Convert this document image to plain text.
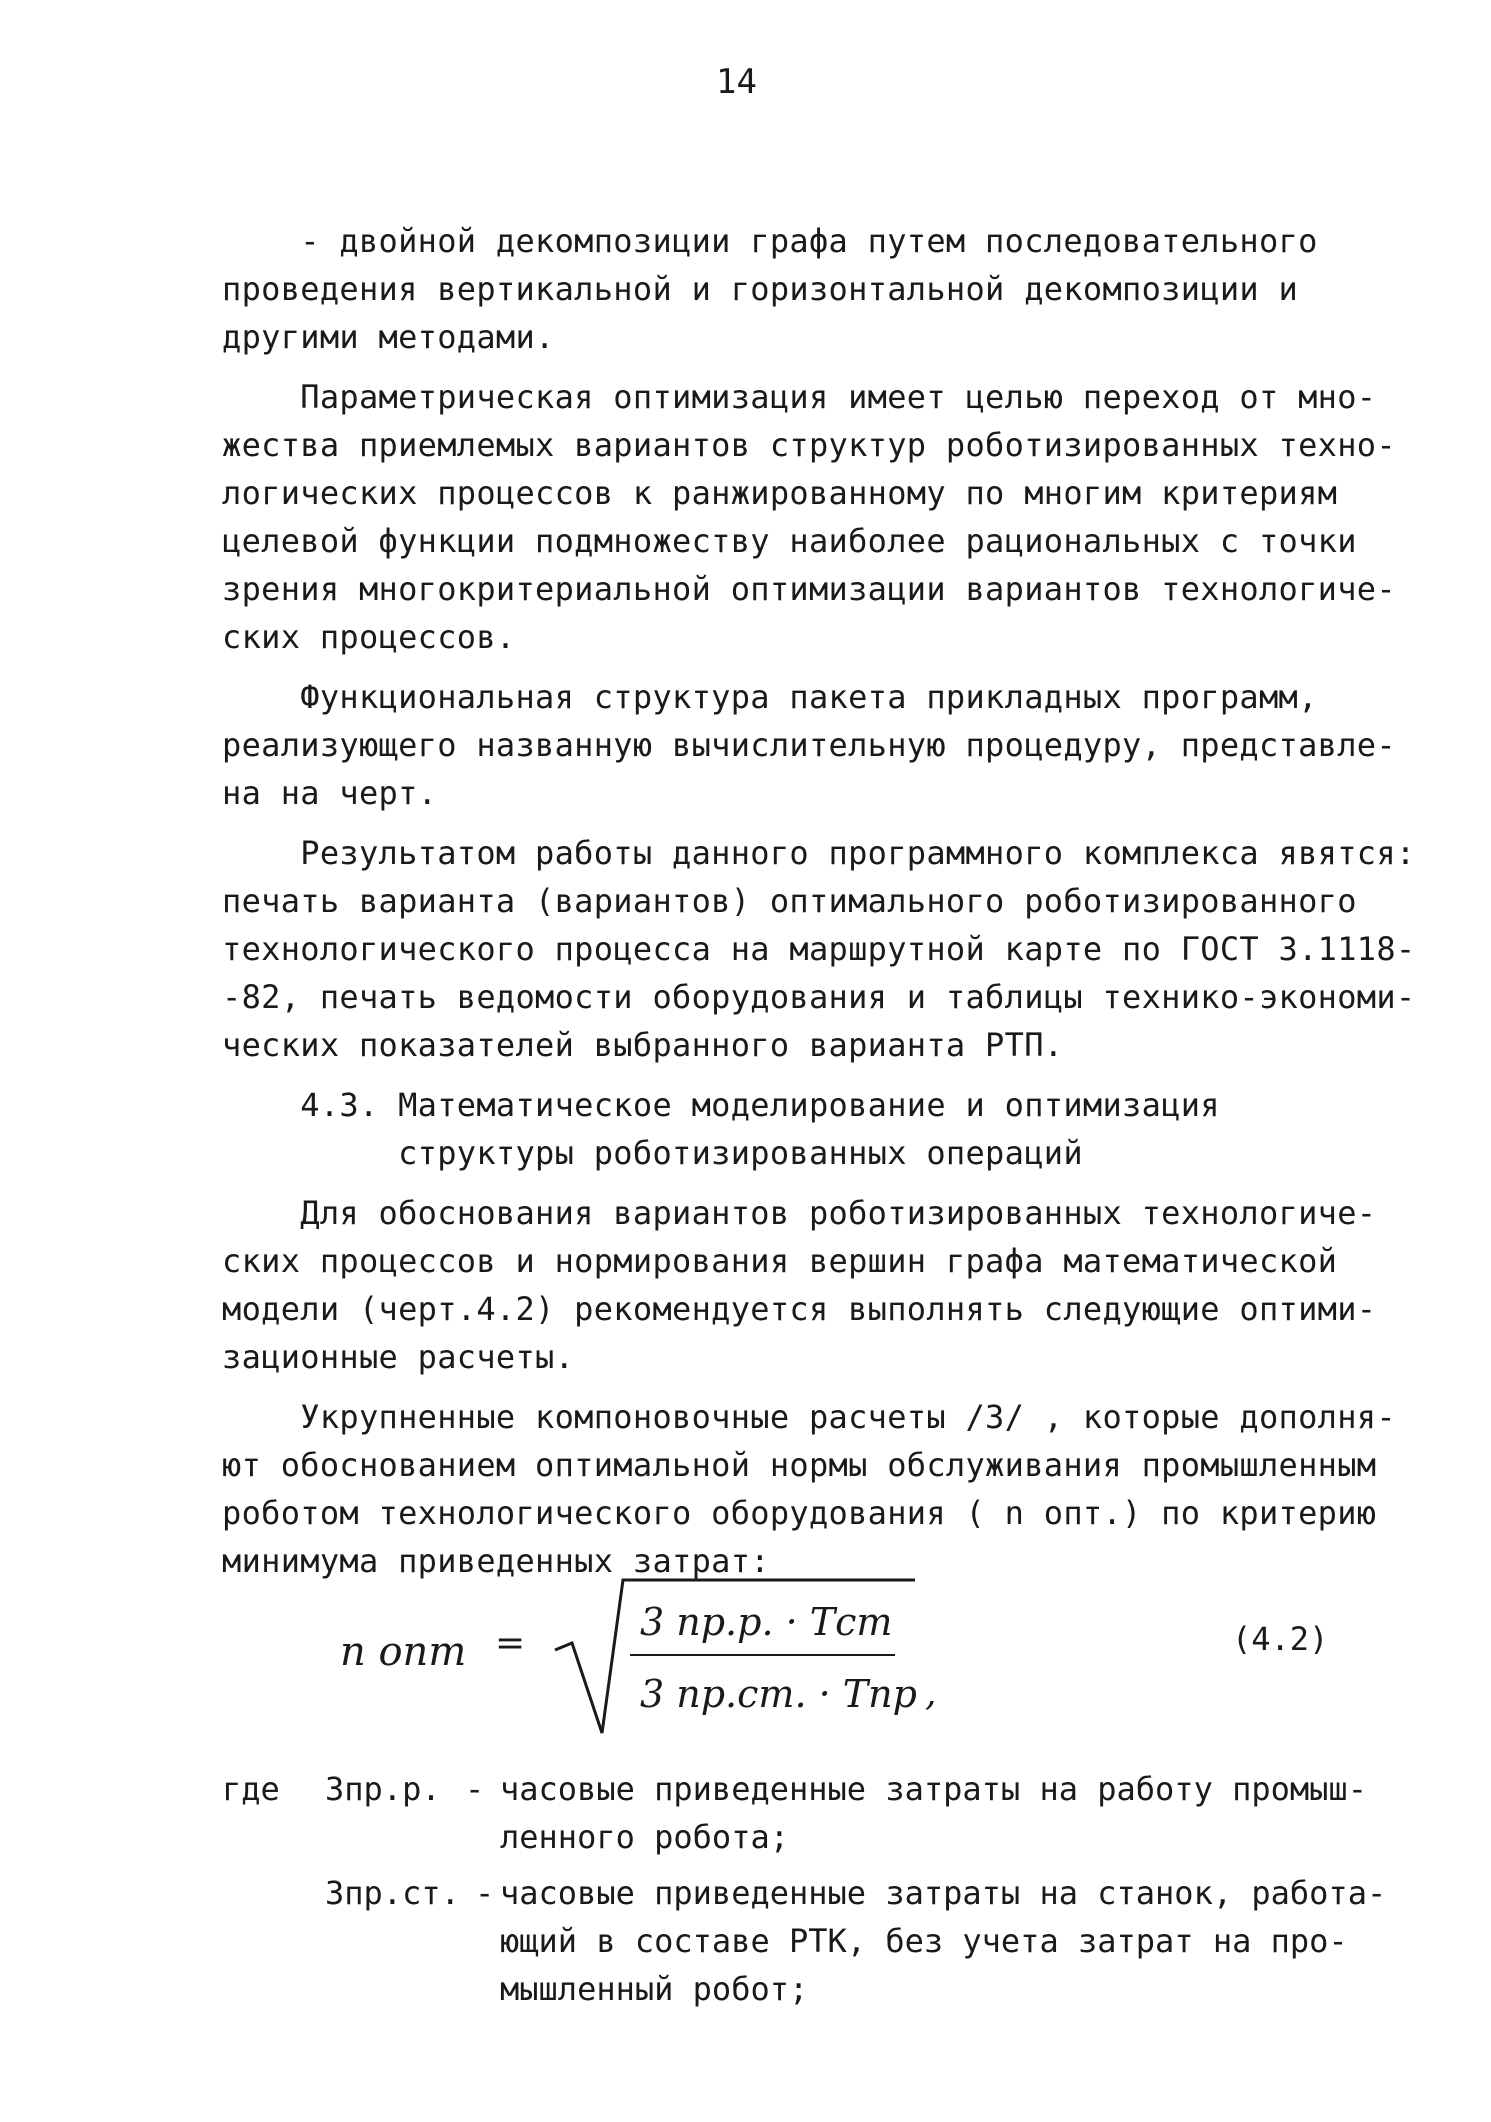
14
- двойной декомпозиции графа путем последовательного
проведения вертикальной и горизонтальной декомпозиции и
другими методами.
Параметрическая оптимизация имеет целью переход от мно-
жества приемлемых вариантов структур роботизированных техно-
логических процессов к ранжированному по многим критериям
целевой функции подмножеству наиболее рациональных с точки
зрения многокритериальной оптимизации вариантов технологиче-
ских процессов.
Функциональная структура пакета прикладных программ,
реализующего названную вычислительную процедуру, представле-
на на черт.
Результатом работы данного программного комплекса явятся:
печать варианта (вариантов) оптимального роботизированного
технологического процесса на маршрутной карте по ГОСТ 3.1118-
-82, печать ведомости оборудования и таблицы технико-экономи-
ческих показателей выбранного варианта РТП.
4.3. Математическое моделирование и оптимизация
структуры роботизированных операций
Для обоснования вариантов роботизированных технологиче-
ских процессов и нормирования вершин графа математической
модели (черт.4.2) рекомендуется выполнять следующие оптими-
зационные расчеты.
Укрупненные компоновочные расчеты /3/ , которые дополня-
ют обоснованием оптимальной нормы обслуживания промышленным
роботом технологического оборудования ( n опт.) по критерию
минимума приведенных затрат:
n опт =	3 пр.р. · Тст
3 пр.ст. · Тпр ,
(4.2)
где 3пр.р. - часовые приведенные затраты на работу промыш-
ленного робота;
3пр.ст. - часовые приведенные затраты на станок, работа-
ющий в составе РТК, без учета затрат на про-
мышленный робот;
